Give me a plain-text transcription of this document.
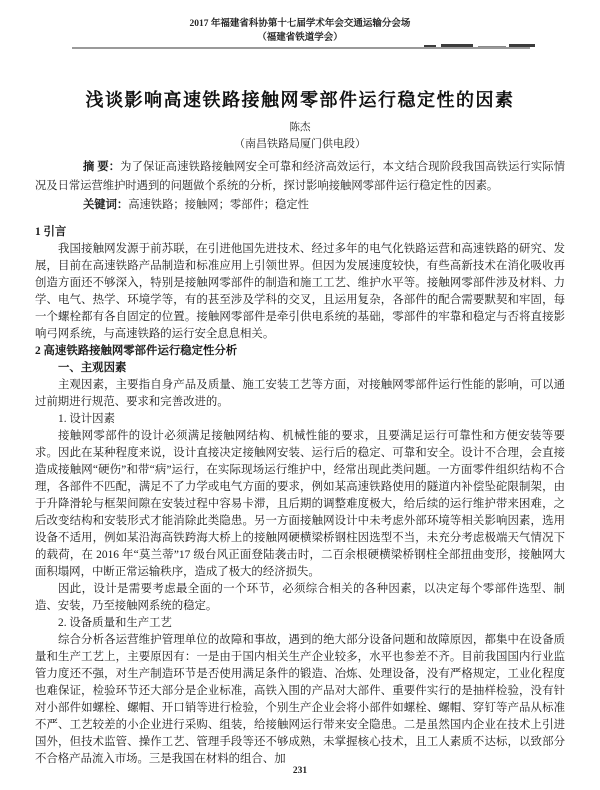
2017 年福建省科协第十七届学术年会交通运输分会场
（福建省铁道学会）
浅谈影响高速铁路接触网零部件运行稳定性的因素
陈杰
（南昌铁路局厦门供电段）

摘 要：为了保证高速铁路接触网安全可靠和经济高效运行，本文结合现阶段我国高铁运行实际情况及日常运营维护时遇到的问题做个系统的分析，探讨影响接触网零部件运行稳定性的因素。

关键词：高速铁路；接触网；零部件；稳定性

1 引言

我国接触网发源于前苏联，在引进他国先进技术、经过多年的电气化铁路运营和高速铁路的研究、发展，目前在高速铁路产品制造和标准应用上引领世界。但因为发展速度较快，有些高新技术在消化吸收再创造方面还不够深入，特别是接触网零部件的制造和施工工艺、维护水平等。接触网零部件涉及材料、力学、电气、热学、环境学等，有的甚至涉及学科的交叉，且运用复杂，各部件的配合需要默契和牢固，每一个螺栓都有各自固定的位置。接触网零部件是牵引供电系统的基础，零部件的牢靠和稳定与否将直接影响弓网系统，与高速铁路的运行安全息息相关。

2 高速铁路接触网零部件运行稳定性分析
一、主观因素

主观因素，主要指自身产品及质量、施工安装工艺等方面，对接触网零部件运行性能的影响，可以通过前期进行规范、要求和完善改进的。

1. 设计因素

接触网零部件的设计必须满足接触网结构、机械性能的要求，且要满足运行可靠性和方便安装等要求。因此在某种程度来说，设计直接决定接触网安装、运行后的稳定、可靠和安全。设计不合理，会直接造成接触网“硬伤”和带“病”运行，在实际现场运行维护中，经常出现此类问题。一方面零件组织结构不合理，各部件不匹配，满足不了力学或电气方面的要求，例如某高速铁路使用的隧道内补偿坠砣限制架，由于升降滑轮与框架间隙在安装过程中容易卡滞，且后期的调整难度极大，给后续的运行维护带来困难，之后改变结构和安装形式才能消除此类隐患。另一方面接触网设计中未考虑外部环境等相关影响因素，选用设备不适用，例如某沿海高铁跨海大桥上的接触网硬横梁桥钢柱因选型不当，未充分考虑极端天气情况下的载荷，在 2016 年“莫兰蒂”17 级台风正面登陆袭击时，二百余根硬横梁桥钢柱全部扭曲变形，接触网大面积塌网，中断正常运输秩序，造成了极大的经济损失。

因此，设计是需要考虑最全面的一个环节，必须综合相关的各种因素，以决定每个零部件选型、制造、安装，乃至接触网系统的稳定。

2. 设备质量和生产工艺

综合分析各运营维护管理单位的故障和事故，遇到的绝大部分设备问题和故障原因，都集中在设备质量和生产工艺上，主要原因有：一是由于国内相关生产企业较多，水平也参差不齐。目前我国国内行业监管力度还不强，对生产制造环节是否使用满足条件的锻造、冶炼、处理设备，没有严格规定，工业化程度也难保证，检验环节还大部分是企业标准，高铁入围的产品对大部件、重要件实行的是抽样检验，没有针对小部件如螺栓、螺帽、开口销等进行检验，个别生产企业会将小部件如螺栓、螺帽、穿钉等产品从标准不严、工艺较差的小企业进行采购、组装，给接触网运行带来安全隐患。二是虽然国内企业在技术上引进国外，但技术监管、操作工艺、管理手段等还不够成熟，未掌握核心技术，且工人素质不达标，以致部分不合格产品流入市场。三是我国在材料的组合、加

231
